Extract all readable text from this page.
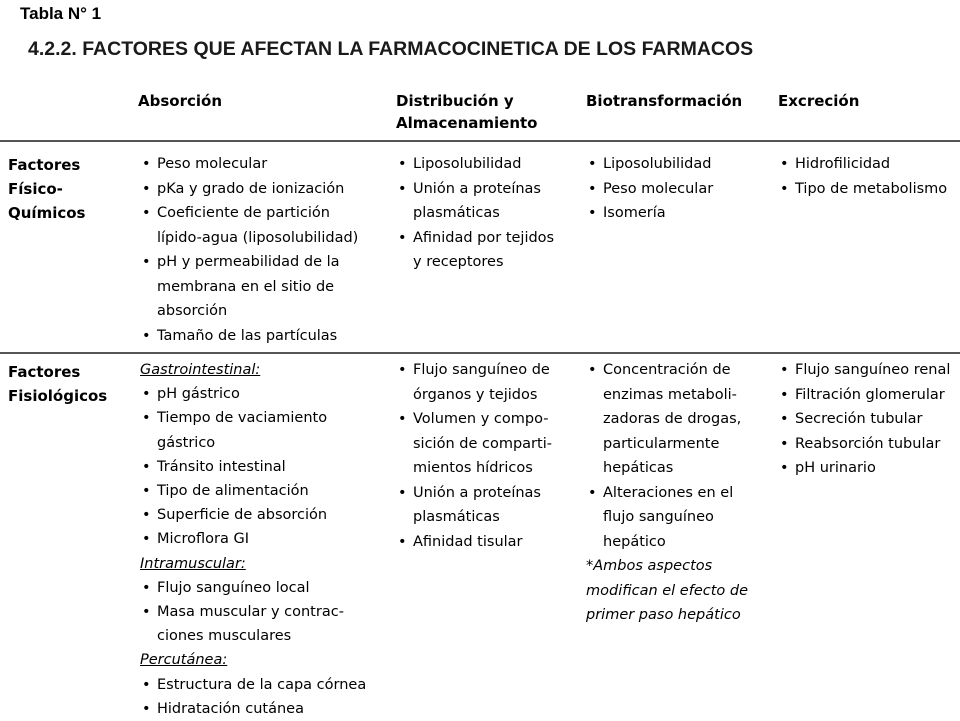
Tabla N° 1
4.2.2. FACTORES QUE AFECTAN LA FARMACOCINETICA DE LOS FARMACOS
Absorción	Distribución y
Almacenamiento
Biotransformación Excreción
Factores
Físico-
Químicos
• Peso molecular
• pKa y grado de ionización
• Coeficiente de partición
lípido-agua (liposolubilidad)
• pH y permeabilidad de la
membrana en el sitio de
absorción
• Tamaño de las partículas
• Liposolubilidad
• Unión a proteínas
plasmáticas
• Afinidad por tejidos
y receptores
• Liposolubilidad
• Peso molecular
• Isomería
• Hidrofilicidad
• Tipo de metabolismo
Factores
Fisiológicos
Gastrointestinal:
• pH gástrico
• Tiempo de vaciamiento
gástrico
• Tránsito intestinal
• Tipo de alimentación
• Superficie de absorción
• Microflora GI
Intramuscular:
• Flujo sanguíneo local
• Masa muscular y contrac-
ciones musculares
Percutánea:
• Estructura de la capa córnea
• Hidratación cutánea
• Flujo sanguíneo de
órganos y tejidos
• Volumen y compo-
sición de comparti-
mientos hídricos
• Unión a proteínas
plasmáticas
• Afinidad tisular
• Concentración de
enzimas metaboli-
zadoras de drogas,
particularmente
hepáticas
• Alteraciones en el
flujo sanguíneo
hepático
*Ambos aspectos
modifican el efecto de
primer paso hepático
• Flujo sanguíneo renal
• Filtración glomerular
• Secreción tubular
• Reabsorción tubular
• pH urinario
